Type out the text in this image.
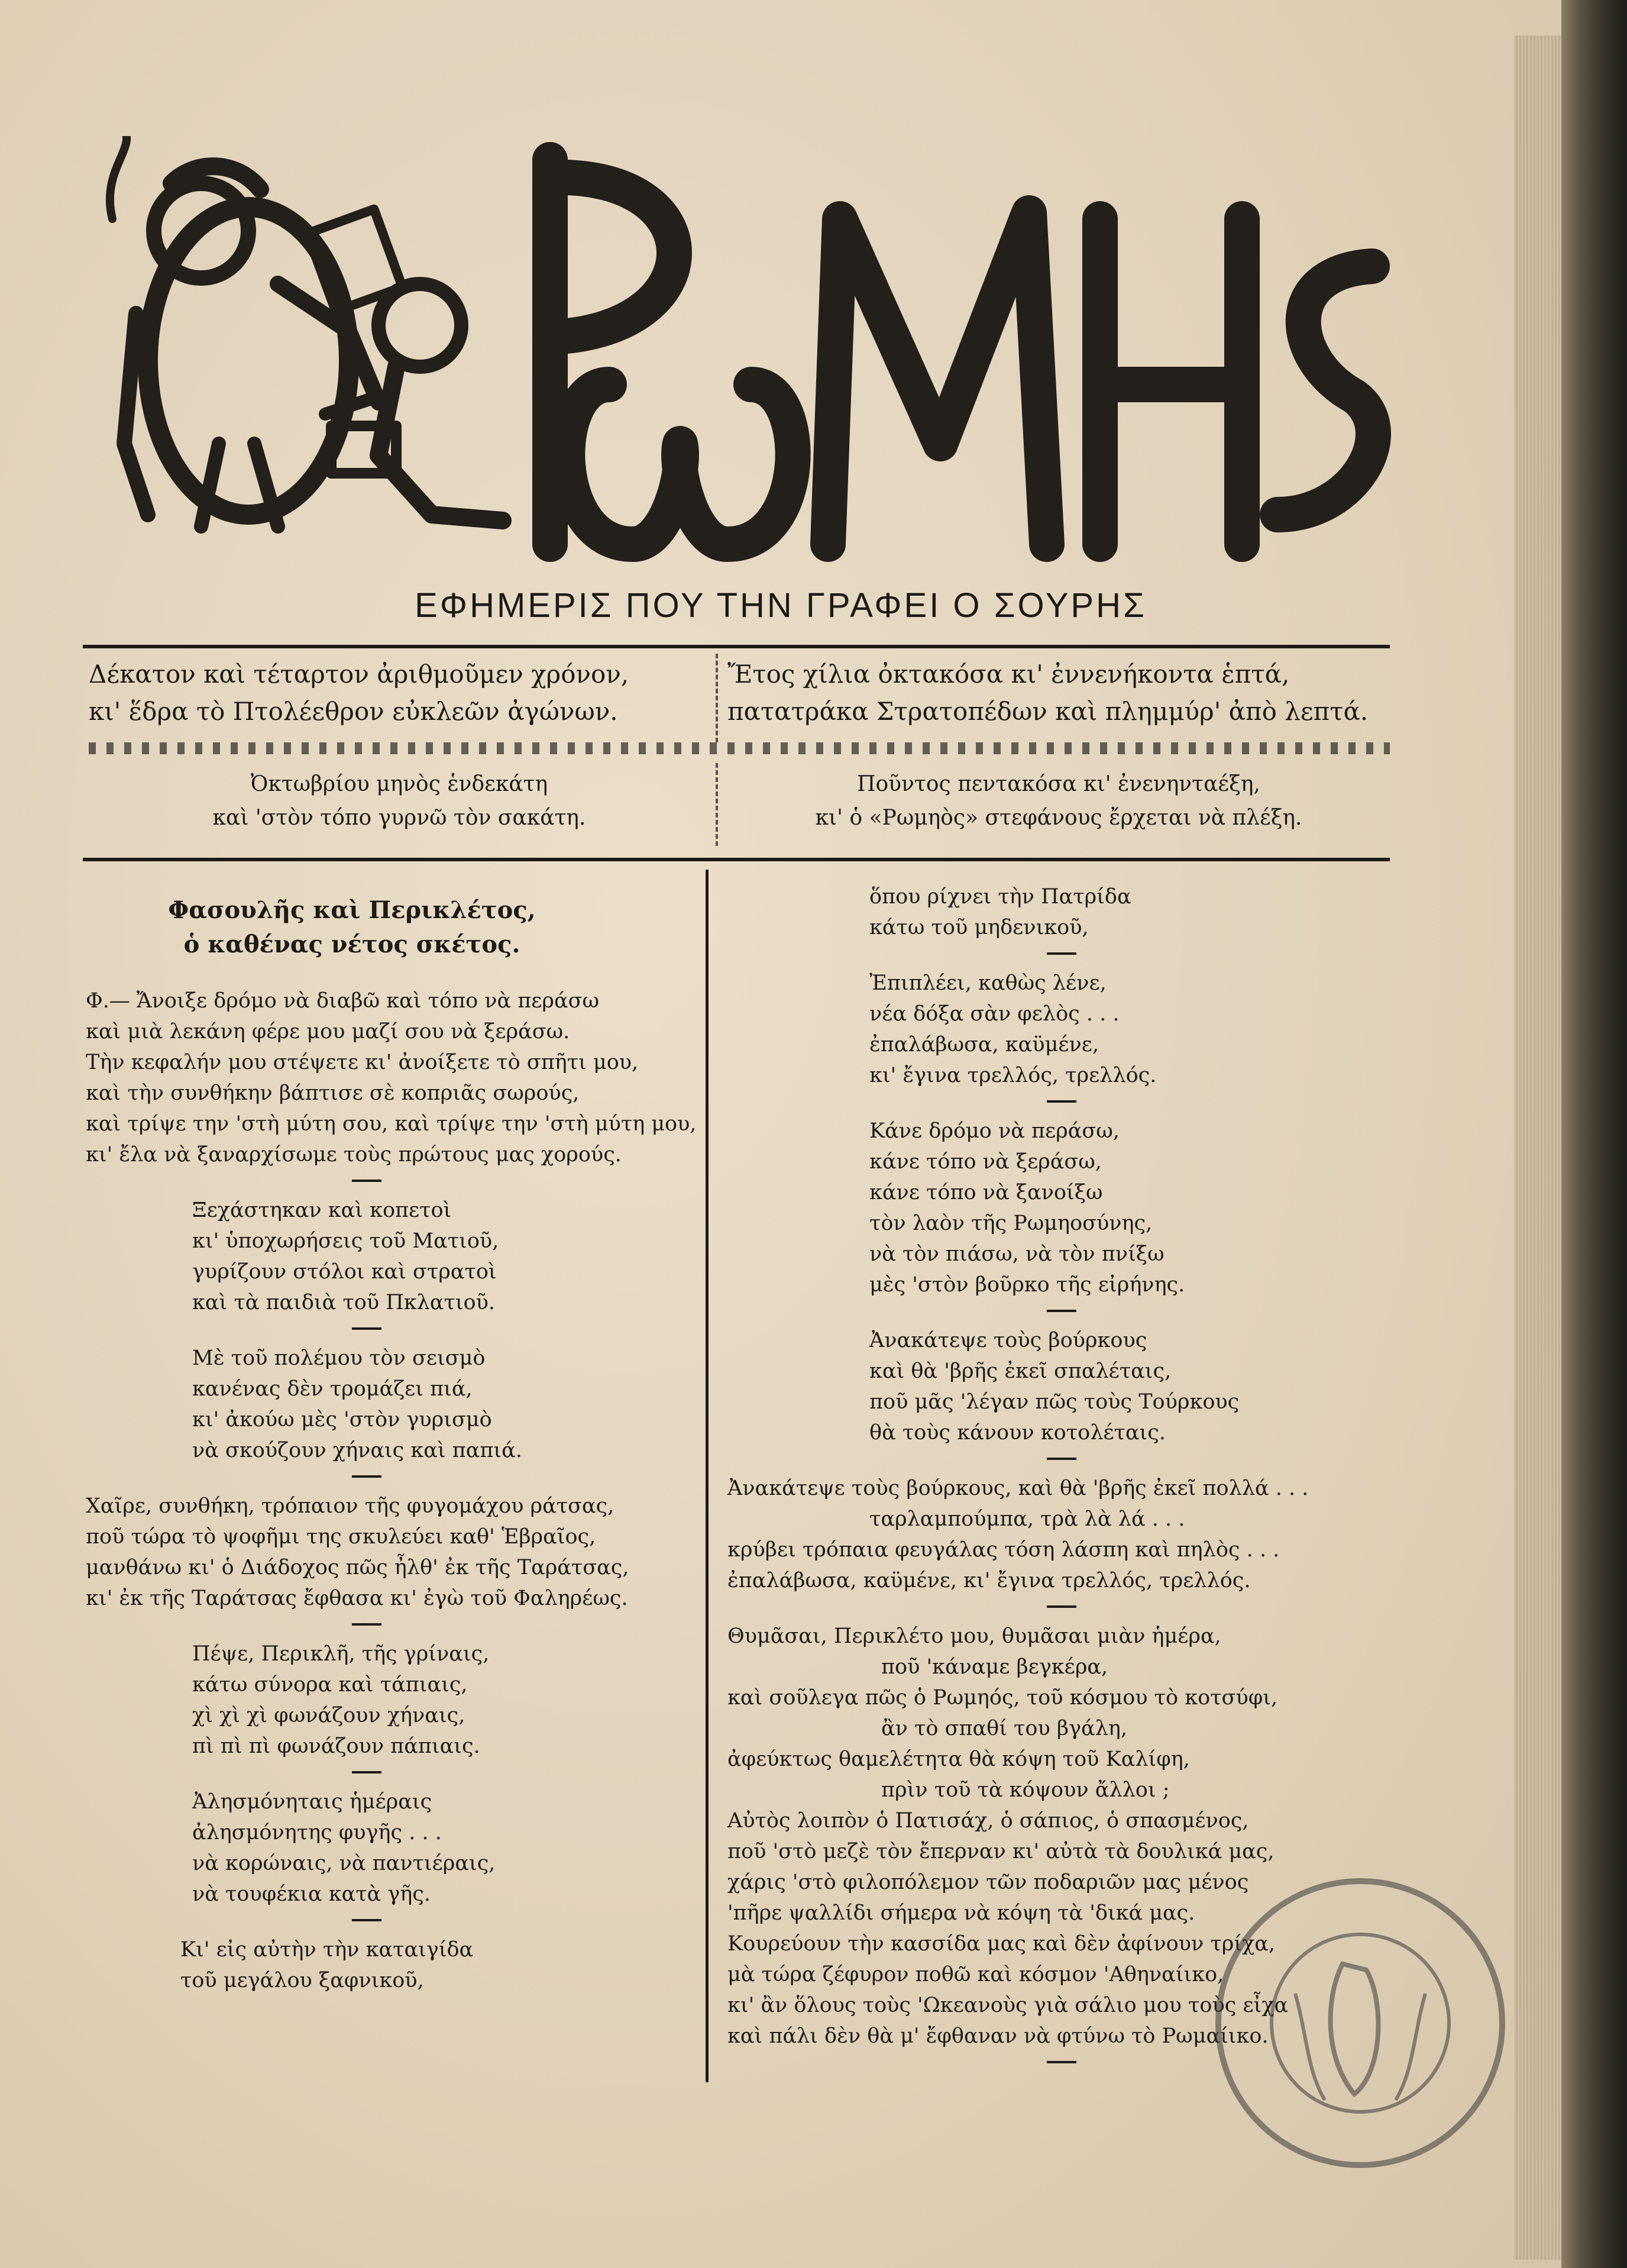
ΕΦΗΜΕΡΙΣ ΠΟΥ ΤΗΝ ΓΡΑΦΕΙ Ο ΣΟΥΡΗΣ
Δέκατον καὶ τέταρτον ἀριθμοῦμεν χρόνον,
κι' ἕδρα τὸ Πτολέεθρον εὐκλεῶν ἀγώνων.
Ἔτος χίλια ὀκτακόσα κι' ἐννενήκοντα ἑπτά,
πατατράκα Στρατοπέδων καὶ πλημμύρ' ἀπὸ λεπτά.
Ὀκτωβρίου μηνὸς ἑνδεκάτη
καὶ 'στὸν τόπο γυρνῶ τὸν σακάτη.
Ποῦντος πεντακόσα κι' ἐνενηνταέξη,
κι' ὁ «Ρωμηὸς» στεφάνους ἔρχεται νὰ πλέξη.
Φασουλῆς καὶ Περικλέτος,
ὁ καθένας νέτος σκέτος.
Φ.— Ἄνοιξε δρόμο νὰ διαβῶ καὶ τόπο νὰ περάσω
καὶ μιὰ λεκάνη φέρε μου μαζί σου νὰ ξεράσω.
Τὴν κεφαλήν μου στέψετε κι' ἀνοίξετε τὸ σπῆτι μου,
καὶ τὴν συνθήκην βάπτισε σὲ κοπριᾶς σωρούς,
καὶ τρίψε την 'στὴ μύτη σου, καὶ τρίψε την 'στὴ μύτη μου,
κι' ἔλα νὰ ξαναρχίσωμε τοὺς πρώτους μας χορούς.
Ξεχάστηκαν καὶ κοπετοὶ
κι' ὑποχωρήσεις τοῦ Ματιοῦ,
γυρίζουν στόλοι καὶ στρατοὶ
καὶ τὰ παιδιὰ τοῦ Πκλατιοῦ.
Μὲ τοῦ πολέμου τὸν σεισμὸ
κανένας δὲν τρομάζει πιά,
κι' ἀκούω μὲς 'στὸν γυρισμὸ
νὰ σκούζουν χήναις καὶ παπιά.
Χαῖρε, συνθήκη, τρόπαιον τῆς φυγομάχου ράτσας,
ποῦ τώρα τὸ ψοφῆμι της σκυλεύει καθ' Ἑβραῖος,
μανθάνω κι' ὁ Διάδοχος πῶς ἦλθ' ἐκ τῆς Ταράτσας,
κι' ἐκ τῆς Ταράτσας ἔφθασα κι' ἐγὼ τοῦ Φαληρέως.
Πέψε, Περικλῆ, τῆς γρίναις,
κάτω σύνορα καὶ τάπιαις,
χὶ χὶ χὶ φωνάζουν χήναις,
πὶ πὶ πὶ φωνάζουν πάπιαις.
Ἀλησμόνηταις ἡμέραις
ἀλησμόνητης φυγῆς . . .
νὰ κορώναις, νὰ παντιέραις,
νὰ τουφέκια κατὰ γῆς.
Κι' εἰς αὐτὴν τὴν καταιγίδα
τοῦ μεγάλου ξαφνικοῦ,
ὅπου ρίχνει τὴν Πατρίδα
κάτω τοῦ μηδενικοῦ,
Ἐπιπλέει, καθὼς λένε,
νέα δόξα σὰν φελὸς . . .
ἐπαλάβωσα, καϋμένε,
κι' ἔγινα τρελλός, τρελλός.
Κάνε δρόμο νὰ περάσω,
κάνε τόπο νὰ ξεράσω,
κάνε τόπο νὰ ξανοίξω
τὸν λαὸν τῆς Ρωμηοσύνης,
νὰ τὸν πιάσω, νὰ τὸν πνίξω
μὲς 'στὸν βοῦρκο τῆς εἰρήνης.
Ἀνακάτεψε τοὺς βούρκους
καὶ θὰ 'βρῆς ἐκεῖ σπαλέταις,
ποῦ μᾶς 'λέγαν πῶς τοὺς Τούρκους
θὰ τοὺς κάνουν κοτολέταις.
Ἀνακάτεψε τοὺς βούρκους, καὶ θὰ 'βρῆς ἐκεῖ πολλά . . .
ταρλαμπούμπα, τρὰ λὰ λά . . .
κρύβει τρόπαια φευγάλας τόση λάσπη καὶ πηλὸς . . .
ἐπαλάβωσα, καϋμένε, κι' ἔγινα τρελλός, τρελλός.
Θυμᾶσαι, Περικλέτο μου, θυμᾶσαι μιὰν ἡμέρα,
ποῦ 'κάναμε βεγκέρα,
καὶ σοῦλεγα πῶς ὁ Ρωμηός, τοῦ κόσμου τὸ κοτσύφι,
ἂν τὸ σπαθί του βγάλη,
ἀφεύκτως θαμελέτητα θὰ κόψη τοῦ Καλίφη,
πρὶν τοῦ τὰ κόψουν ἄλλοι ;
Αὐτὸς λοιπὸν ὁ Πατισάχ, ὁ σάπιος, ὁ σπασμένος,
ποῦ 'στὸ μεζὲ τὸν ἔπερναν κι' αὐτὰ τὰ δουλικά μας,
χάρις 'στὸ φιλοπόλεμον τῶν ποδαριῶν μας μένος
'πῆρε ψαλλίδι σήμερα νὰ κόψη τὰ 'δικά μας.
Κουρεύουν τὴν κασσίδα μας καὶ δὲν ἀφίνουν τρίχα,
μὰ τώρα ζέφυρον ποθῶ καὶ κόσμον 'Αθηναίικο,
κι' ἂν ὅλους τοὺς 'Ωκεανοὺς γιὰ σάλιο μου τοὺς εἶχα
καὶ πάλι δὲν θὰ μ' ἔφθαναν νὰ φτύνω τὸ Ρωμαίικο.
